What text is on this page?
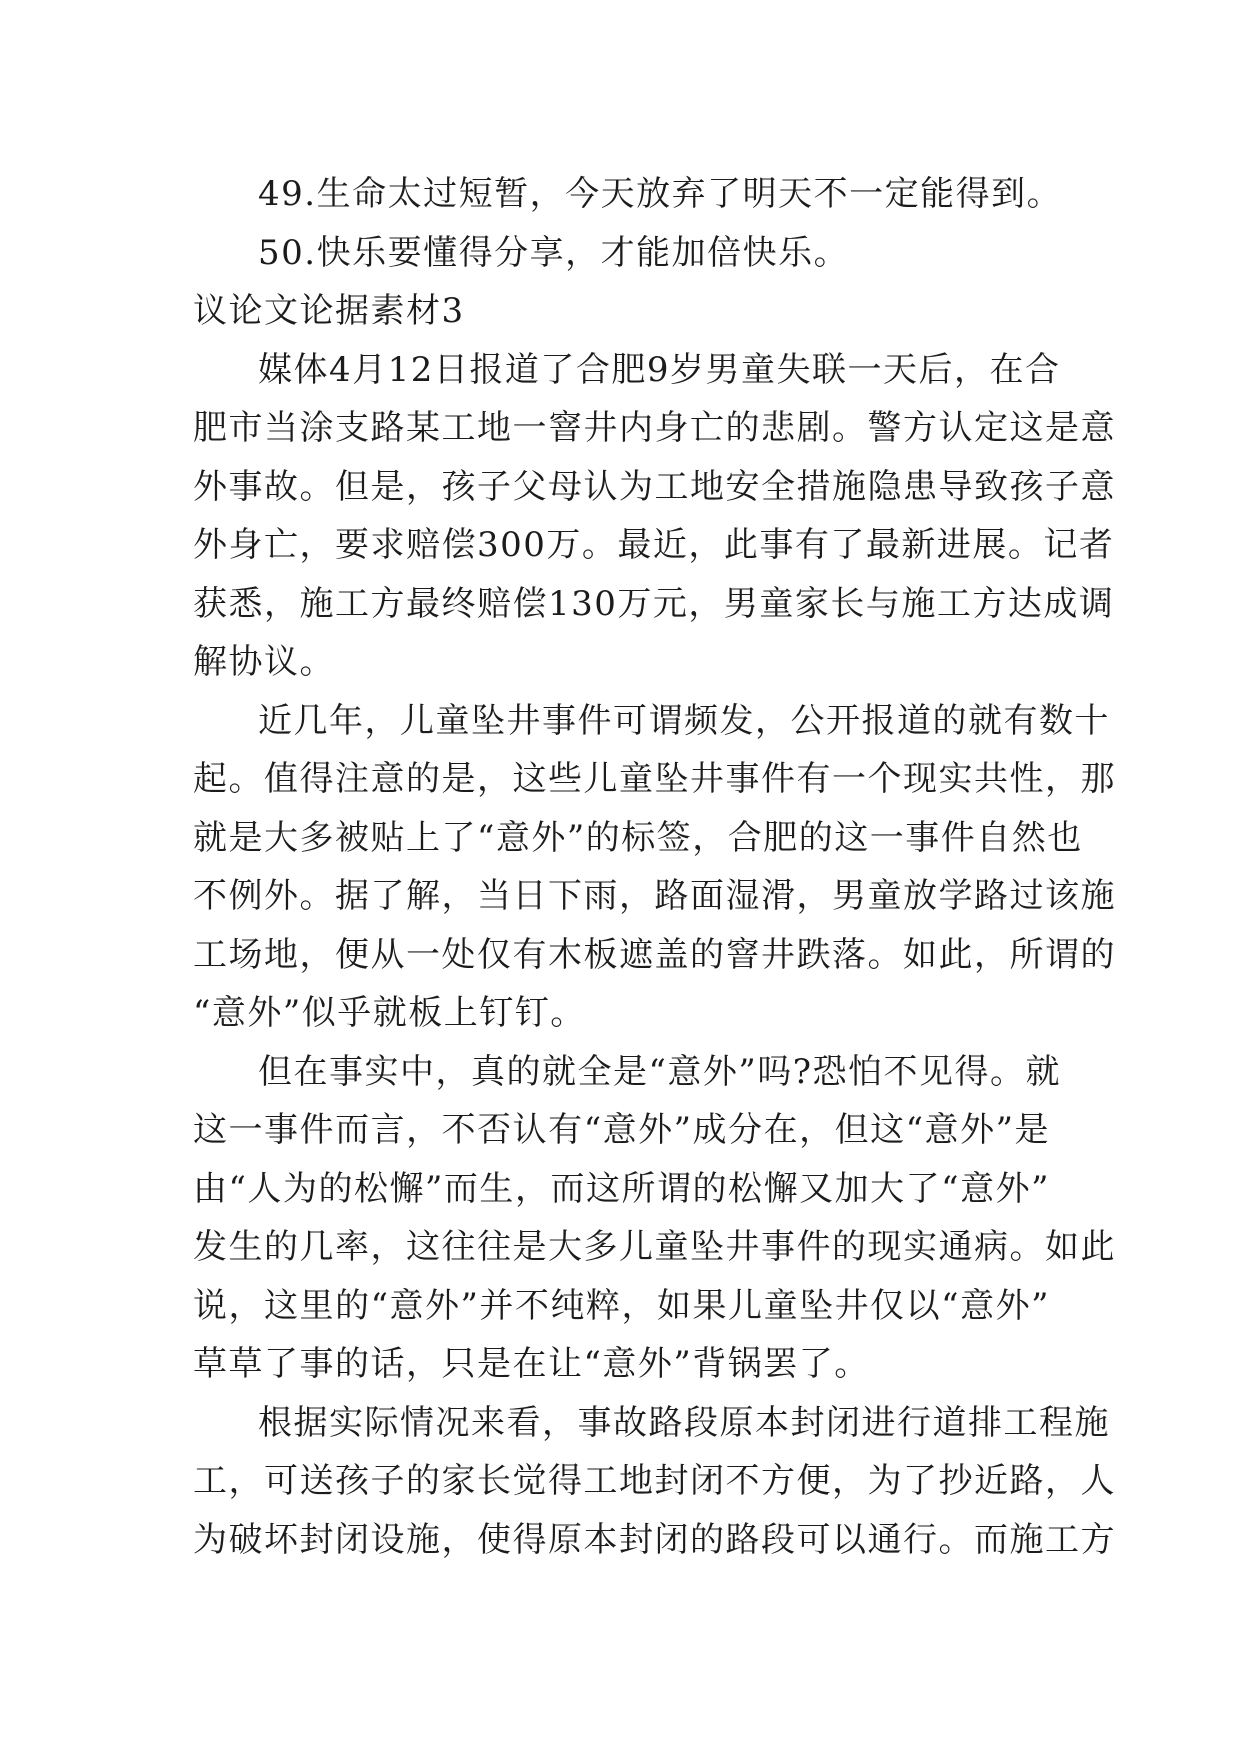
49.生命太过短暂，今天放弃了明天不一定能得到。
50.快乐要懂得分享，才能加倍快乐。
议论文论据素材3
媒体4月12日报道了合肥9岁男童失联一天后，在合
肥市当涂支路某工地一窨井内身亡的悲剧。警方认定这是意
外事故。但是，孩子父母认为工地安全措施隐患导致孩子意
外身亡，要求赔偿300万。最近，此事有了最新进展。记者
获悉，施工方最终赔偿130万元，男童家长与施工方达成调
解协议。
近几年，儿童坠井事件可谓频发，公开报道的就有数十
起。值得注意的是，这些儿童坠井事件有一个现实共性，那
就是大多被贴上了“意外”的标签，合肥的这一事件自然也
不例外。据了解，当日下雨，路面湿滑，男童放学路过该施
工场地，便从一处仅有木板遮盖的窨井跌落。如此，所谓的
“意外”似乎就板上钉钉。
但在事实中，真的就全是“意外”吗?恐怕不见得。就
这一事件而言，不否认有“意外”成分在，但这“意外”是
由“人为的松懈”而生，而这所谓的松懈又加大了“意外”
发生的几率，这往往是大多儿童坠井事件的现实通病。如此
说，这里的“意外”并不纯粹，如果儿童坠井仅以“意外”
草草了事的话，只是在让“意外”背锅罢了。
根据实际情况来看，事故路段原本封闭进行道排工程施
工，可送孩子的家长觉得工地封闭不方便，为了抄近路，人
为破坏封闭设施，使得原本封闭的路段可以通行。而施工方
